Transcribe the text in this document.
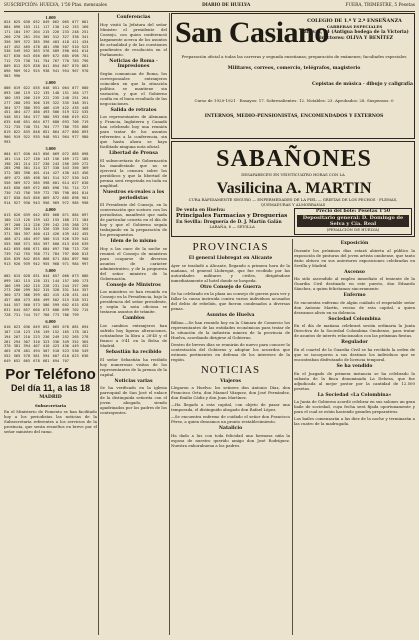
SUSCRIPCIÓN: HUELVA, 1'50 Ptas. mensuales	DIARIO DE HUELVA	FUERA, TRIMESTRE, 5 Pesetas
1.000
024 025 030 032 049 062 065 077 081 084 096 103 111 117 130 142 153 160 171 184 197 204 215 226 233 248 251 266 270 281 294 305 312 327 338 341 356 369 372 385 390 403 418 421 434 447 452 465 478 481 496 507 510 523 536 549 552 563 576 589 590 601 614 627 630 643 656 669 672 685 698 701 712 725 738 741 754 767 770 783 796 809 812 825 838 841 854 867 870 883 896 909 912 925 938 941 954 967 970 983 996
2.000
006 019 022 035 048 051 064 077 080 093 106 119 122 135 148 151 164 177 180 193 206 219 222 235 248 251 264 277 280 293 306 319 322 335 348 351 364 377 380 393 406 419 422 435 448 451 464 477 480 493 506 519 522 535 548 551 564 577 580 593 606 619 622 635 648 651 664 677 680 693 706 719 722 735 748 751 764 777 780 793 806 819 822 835 848 851 864 877 880 893 906 919 922 935 948 951 964 977 980 993
3.000
004 017 030 043 056 069 072 085 098 101 114 127 130 143 156 169 172 185 198 201 214 227 230 243 256 269 272 285 298 301 314 327 330 343 356 369 372 385 398 401 414 427 430 443 456 469 472 485 498 501 514 527 530 543 556 569 572 585 598 601 614 627 630 643 656 669 672 685 698 701 714 727 730 743 756 769 772 785 798 801 814 827 830 843 856 869 872 885 898 901 914 927 930 943 956 969 972 985 998
4.000
013 026 039 042 055 068 071 084 097 100 113 126 139 142 155 168 171 184 197 200 213 226 239 242 255 268 271 284 297 300 313 326 339 342 355 368 371 384 397 400 413 426 439 442 455 468 471 484 497 500 513 526 539 542 555 568 571 584 597 600 613 626 639 642 655 668 671 684 697 700 713 726 739 742 755 768 771 784 797 800 813 826 839 842 855 868 871 884 897 900 913 926 939 942 955 968 971 984 997
5.000
002 015 028 031 044 057 060 073 086 099 102 115 128 131 144 157 160 173 186 199 202 215 228 231 244 257 260 273 286 299 302 315 328 331 344 357 360 373 386 399 402 415 428 431 444 457 460 473 486 499 502 515 528 531 544 557 560 573 586 599 602 615 628 631 644 657 660 673 686 699 702 715 728 731 744 757 760 773 786 799
6.000
010 023 036 049 052 065 078 081 094 107 110 123 136 149 152 165 178 181 194 207 210 223 236 249 252 265 278 281 294 307 310 323 336 349 352 365 378 381 394 407 410 423 436 449 452 465 478 481 494 507 510 523 536 549 552 565 578 581 594 607 610 623 636 649 652 665 678 681 694 707
Por Teléfono
Del día 11, a las 18
MADRID
Subsecretaria
En el Ministerio de Fomento se han facilitado hoy a los periodistas las noticias de la Subsecretaría referentes a los servicios de la provincia, que serán resueltos en breve por el señor ministro del ramo.
Conferencias
Hoy visitó la Jefatura del señor Ministro el presidente del Consejo, con quien conferenció largamente acerca de los asuntos de actualidad y de las cuestiones pendientes de resolución en el Parlamento.
Noticias de Roma · Impresiones
Según comunican de Roma, los corresponsales extranjeros coinciden en que la situación política se mantiene sin variación, y que el Gobierno confía en el buen resultado de las negociaciones.
Salida de retratos
Los representantes de Alemania y Francia, Inglaterra y Canadá han celebrado hoy una reunión para tratar de los asuntos referentes a la conferencia, sin que hasta ahora se haya facilitado ninguna nota oficial.
Libertad de Prensa
El subsecretario de Gobernación ha manifestado que no se ejercerá la censura sobre los periódicos y que la libertad de prensa será respetada en toda su amplitud.
Nuestros ex-reales a los periodistas
El Presidente del Consejo, en la conversación que sostuvo con los periodistas, manifestó que nada de particular ocurría en el día de hoy y que el Gobierno seguía trabajando en la preparación de los presupuestos.
Idem de lo mismo
Hoy a las once de la noche se reunirá el Consejo de ministros para ocuparse de diversos asuntos de carácter administrativo, y de la propuesta del señor ministro de la Gobernación.
Consejo de Ministros
Los ministros se han reunido en Consejo en la Presidencia, bajo la presidencia del señor presidente, y según la nota oficiosa se trataron asuntos de trámite.
Cambios
Los cambios extranjeros han sufrido hoy ligeras alteraciones, cotizándose la libra a 28'45 y el franco a 0'41 en la Bolsa de Madrid.
Sebastián ha recibido
El señor Sebastián ha recibido hoy numerosas visitas de los representantes de la prensa de la capital.
Noticias varias
Se ha verificado en la iglesia parroquial de San José el enlace de la distinguida señorita con el joven abogado, siendo apadrinados por los padres de los contrayentes.
San Casiano
COLEGIO DE 1.ª Y 2.ª ENSEÑANZA
CARRERAS ESPECIALES
Cánovas, 44 (Antigua bodega de la Victoria)
Directores: OLIVA Y BENÍTEZ
Preparación oficial a todas las carreras y segunda enseñanza; preparación de exámenes; facultades especiales
Militares, correos, comercio, telégrafos, magisterio
Copistas de música · dibujo y caligrafía
Curso de 1920-1921 · Ensayos: 17. Sobresalientes: 12. Notables: 23. Aprobados: 28. Suspensos: 0
INTERNOS, MEDIO-PENSIONISTAS, ENCOMENDADOS Y EXTERNOS
SABAÑONES
DESAPARECEN EN VEINTICUATRO HORAS CON LA
Vasilicina A. MARTIN
CURA RÁPIDAMENTE SEGURO — ENFERMEDADES DE LA PIEL — GRIETAS DE LOS PECHOS · FLEMAS, QUEMADURAS Y ALMORRANAS
De venta en Huelva:
Principales Farmacias y Droguerías
En Sevilla: Droguería de D. J. Martín Galán
LARAÑA, 6 — SEVILLA
Precio del bote: Pesetas 1'50
Depositario general: D. Domingo de Seiva y Cía. Real
(PENALCIÓN DE HUELVA)
PROVINCIAS
El general Llobregat en Alicante
Ayer se trasladó a Alicante, llegando a primera hora de la mañana, el general Llobregat, que fue recibido por las autoridades militares y civiles, dirigiéndose inmediatamente al hotel donde se hospeda.
Otro Consejo de Guerra
Se ha celebrado en la plaza un consejo de guerra para ver y fallar la causa instruida contra varios individuos acusados del delito de rebelión, que fueron condenados a diversas penas.
Asuntos de Huelva
Bilbao.—Se han reunido hoy en la Cámara de Comercio los representantes de las entidades económicas para tratar de la situación de la industria minera de la provincia de Huelva, acordando dirigirse al Gobierno.
Dentro de breves días se reunirán de nuevo para conocer la contestación del Gobierno y adoptar los acuerdos que estimen pertinentes en defensa de los intereses de la región.
NOTICIAS
Viajeros
Llegaron a Huelva: los señores don Antonio Díaz, don Francisco Orta, don Manuel Vázquez, don José Fernández, don Emilio Cádiz y don Juan Martínez.
—Ha llegado a esta capital, con objeto de pasar una temporada, el distinguido abogado don Rafael López.
—Se encuentra enfermo de cuidado el señor don Francisco Pérez, a quien deseamos un pronto restablecimiento.
Natalicio
Ha dado a luz con toda felicidad una hermosa niña la esposa de nuestro querido amigo don José Rodríguez. Nuestra enhorabuena a los padres.
Exposición
Durante los próximos días estará abierta al público la exposición de pinturas del joven artista onubense, que tanto éxito obtuvo en sus anteriores exposiciones celebradas en Sevilla y Madrid.
Ascenso
Ha sido ascendido al empleo inmediato el teniente de la Guardia Civil destinado en este puesto, don Eduardo Sánchez, a quien felicitamos sinceramente.
Enfermo
Se encuentra enfermo de algún cuidado el respetable señor don Antonio Martín, vecino de esta capital, a quien deseamos alivio en su dolencia.
Sociedad Colombina
En el día de mañana celebrará sesión ordinaria la Junta Directiva de la Sociedad Colombina Onubense, para tratar de asuntos de interés relacionados con las próximas fiestas.
Regulador
En el cuartel de la Guardia Civil se ha recibido la orden de que se incorporen a sus destinos los individuos que se encontraban disfrutando de licencia temporal.
Se ha vendido
En el Juzgado de primera instancia se ha celebrado la subasta de la finca denominada La Dehesa, que fue adjudicada al mejor postor por la cantidad de 12.500 pesetas.
La Sociedad «La Colombina»
La Junta de Gobierno acordó celebrar en sus salones un gran baile de sociedad, cuya fecha será fijada oportunamente y para el cual se están haciendo grandes preparativos.
Los bailes comenzarán a las diez de la noche y terminarán a las cuatro de la madrugada.
